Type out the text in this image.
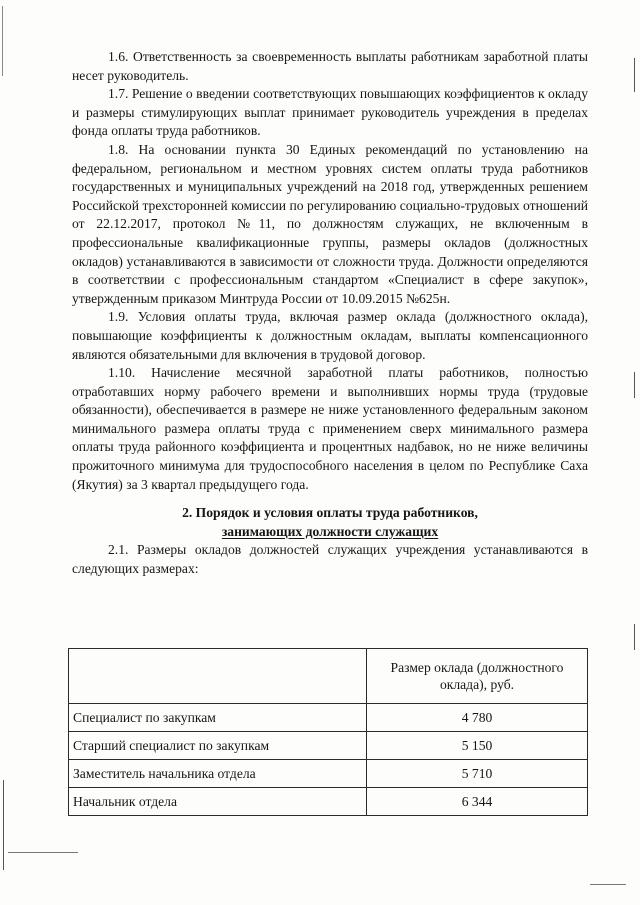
1.6. Ответственность за своевременность выплаты работникам заработной платы несет руководитель.

1.7. Решение о введении соответствующих повышающих коэффициентов к окладу и размеры стимулирующих выплат принимает руководитель учреждения в пределах фонда оплаты труда работников.

1.8. На основании пункта 30 Единых рекомендаций по установлению на федеральном, региональном и местном уровнях систем оплаты труда работников государственных и муниципальных учреждений на 2018 год, утвержденных решением Российской трехсторонней комиссии по регулированию социально-трудовых отношений от 22.12.2017, протокол №11, по должностям служащих, не включенным в профессиональные квалификационные группы, размеры окладов (должностных окладов) устанавливаются в зависимости от сложности труда. Должности определяются в соответствии с профессиональным стандартом «Специалист в сфере закупок», утвержденным приказом Минтруда России от 10.09.2015 №625н.

1.9. Условия оплаты труда, включая размер оклада (должностного оклада), повышающие коэффициенты к должностным окладам, выплаты компенсационного являются обязательными для включения в трудовой договор.

1.10. Начисление месячной заработной платы работников, полностью отработавших норму рабочего времени и выполнивших нормы труда (трудовые обязанности), обеспечивается в размере не ниже установленного федеральным законом минимального размера оплаты труда с применением сверх минимального размера оплаты труда районного коэффициента и процентных надбавок, но не ниже величины прожиточного минимума для трудоспособного населения в целом по Республике Саха (Якутия) за 3 квартал предыдущего года.

2. Порядок и условия оплаты труда работников,
занимающих должности служащих

2.1. Размеры окладов должностей служащих учреждения устанавливаются в следующих размерах:

	Размер оклада (должностного оклада), руб.
Специалист по закупкам	4 780
Старший специалист по закупкам	5 150
Заместитель начальника отдела	5 710
Начальник отдела	6 344
